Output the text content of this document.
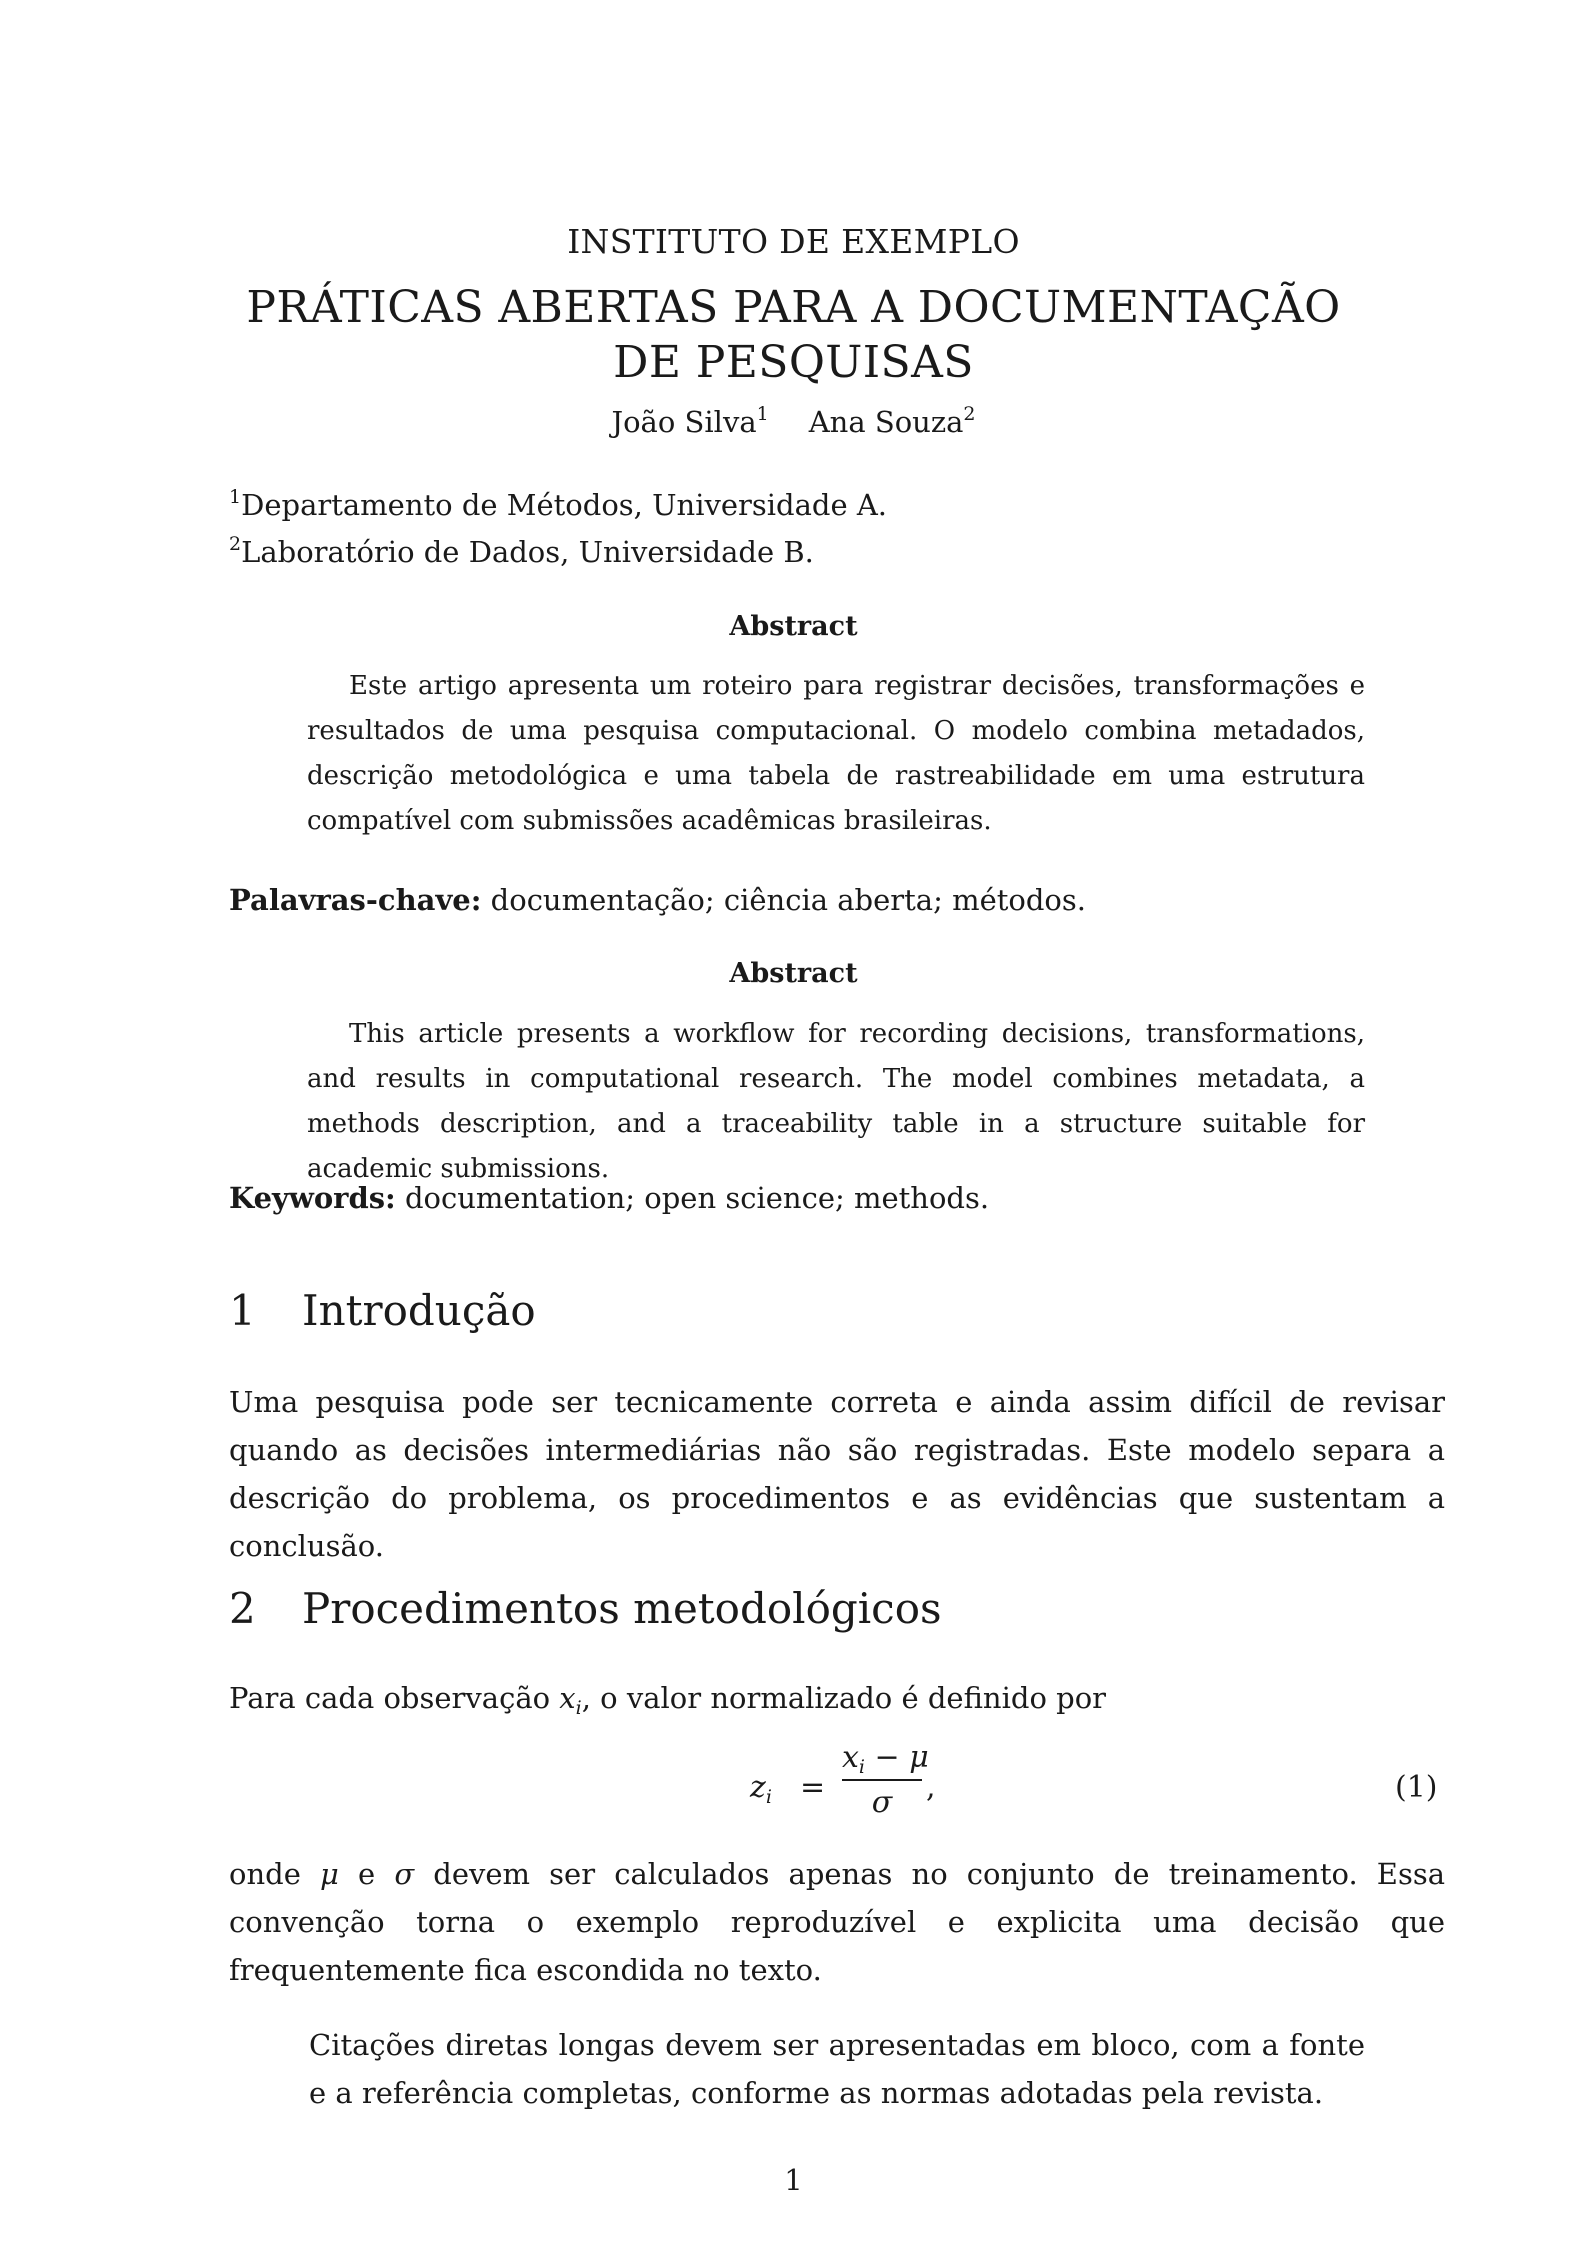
INSTITUTO DE EXEMPLO
PRÁTICAS ABERTAS PARA A DOCUMENTAÇÃO
DE PESQUISAS
João Silva$^1$ Ana Souza$^2$
$^1$Departamento de Métodos, Universidade A.
$^2$Laboratório de Dados, Universidade B.
Abstract

Este artigo apresenta um roteiro para registrar decisões, transformações e resultados de uma pesquisa computacional. O modelo combina metadados, descrição metodológica e uma tabela de rastreabilidade em uma estrutura compatível com submissões acadêmicas brasileiras.

Palavras-chave: documentação; ciência aberta; métodos.
Abstract

This article presents a workflow for recording decisions, transformations, and results in computational research. The model combines metadata, a methods description, and a traceability table in a structure suitable for academic submissions.

Keywords: documentation; open science; methods.
1 Introdução

Uma pesquisa pode ser tecnicamente correta e ainda assim difícil de revisar quando as decisões intermediárias não são registradas. Este modelo separa a descrição do problema, os procedimentos e as evidências que sustentam a conclusão.

2 Procedimentos metodológicos

Para cada observação $x_i$, o valor normalizado é definido por

$z_i$ =
$x_i - \mu$
σ	,	(1)

onde μ e σ devem ser calculados apenas no conjunto de treinamento. Essa convenção torna o exemplo reproduzível e explicita uma decisão que frequentemente fica escondida no texto.

Citações diretas longas devem ser apresentadas em bloco, com a fonte e a referência completas, conforme as normas adotadas pela revista.

1
